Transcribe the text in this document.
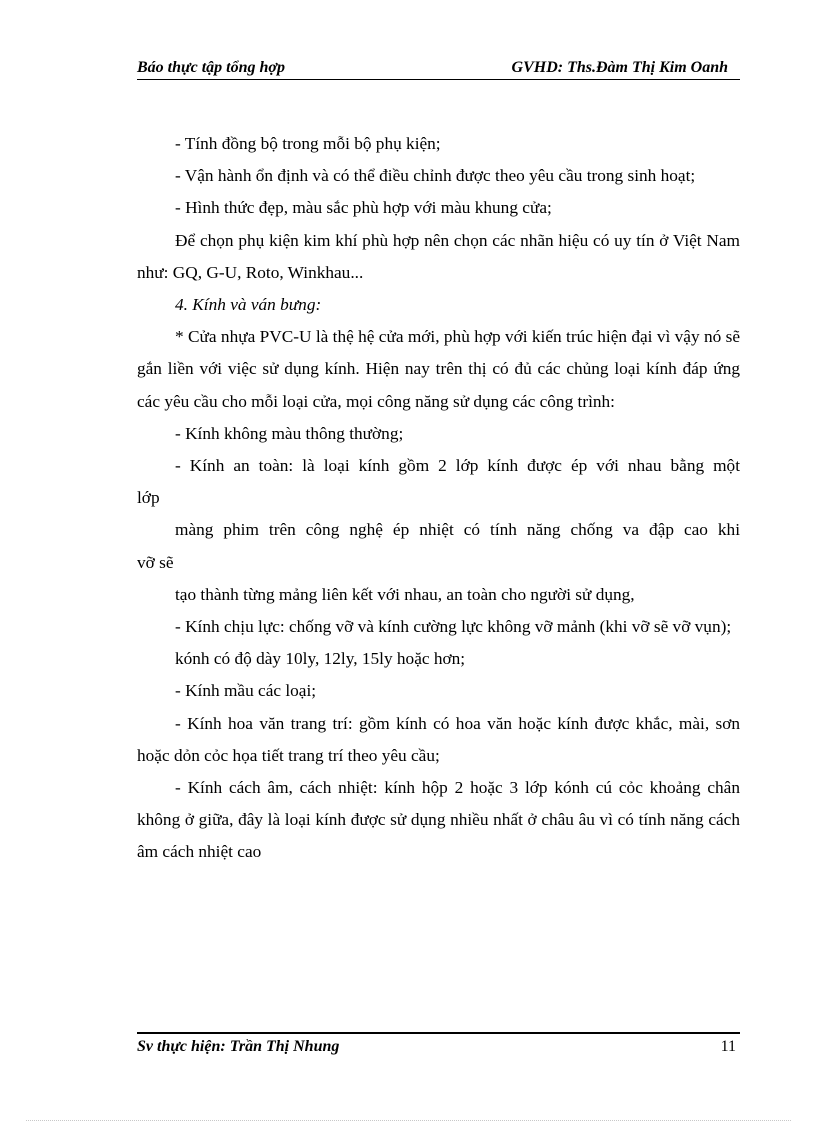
Báo thực tập tổng hợp	GVHD: Ths.Đàm Thị Kim Oanh

- Tính đồng bộ trong mỗi bộ phụ kiện;

- Vận hành ổn định và có thể điều chỉnh được theo yêu cầu trong sinh hoạt;

- Hình thức đẹp, màu sắc phù hợp với màu khung cửa;

Để chọn phụ kiện kim khí phù hợp nên chọn các nhãn hiệu có uy tín ở Việt Nam như: GQ, G-U, Roto, Winkhau...

4. Kính và ván bưng:

* Cửa nhựa PVC-U là thệ hệ cửa mới, phù hợp với kiến trúc hiện đại vì vậy nó sẽ gắn liền với việc sử dụng kính. Hiện nay trên thị có đủ các chủng loại kính đáp ứng các yêu cầu cho mỗi loại cửa, mọi công năng sử dụng các công trình:

- Kính không màu thông thường;

- Kính an toàn: là loại kính gồm 2 lớp kính được ép với nhau bằng một

lớp

màng phim trên công nghệ ép nhiệt có tính năng chống va đập cao khi

vỡ sẽ

tạo thành từng mảng liên kết với nhau, an toàn cho người sử dụng,

- Kính chịu lực: chống vỡ và kính cường lực không vỡ mảnh (khi vỡ sẽ vỡ vụn);

kónh có độ dày 10ly, 12ly, 15ly hoặc hơn;

- Kính mầu các loại;

- Kính hoa văn trang trí: gồm kính có hoa văn hoặc kính được khắc, mài, sơn hoặc dỏn cỏc họa tiết trang trí theo yêu cầu;

- Kính cách âm, cách nhiệt: kính hộp 2 hoặc 3 lớp kónh cú cỏc khoảng chân không ở giữa, đây là loại kính được sử dụng nhiều nhất ở châu âu vì có tính năng cách âm cách nhiệt cao

Sv thực hiện: Trần Thị Nhung	11
